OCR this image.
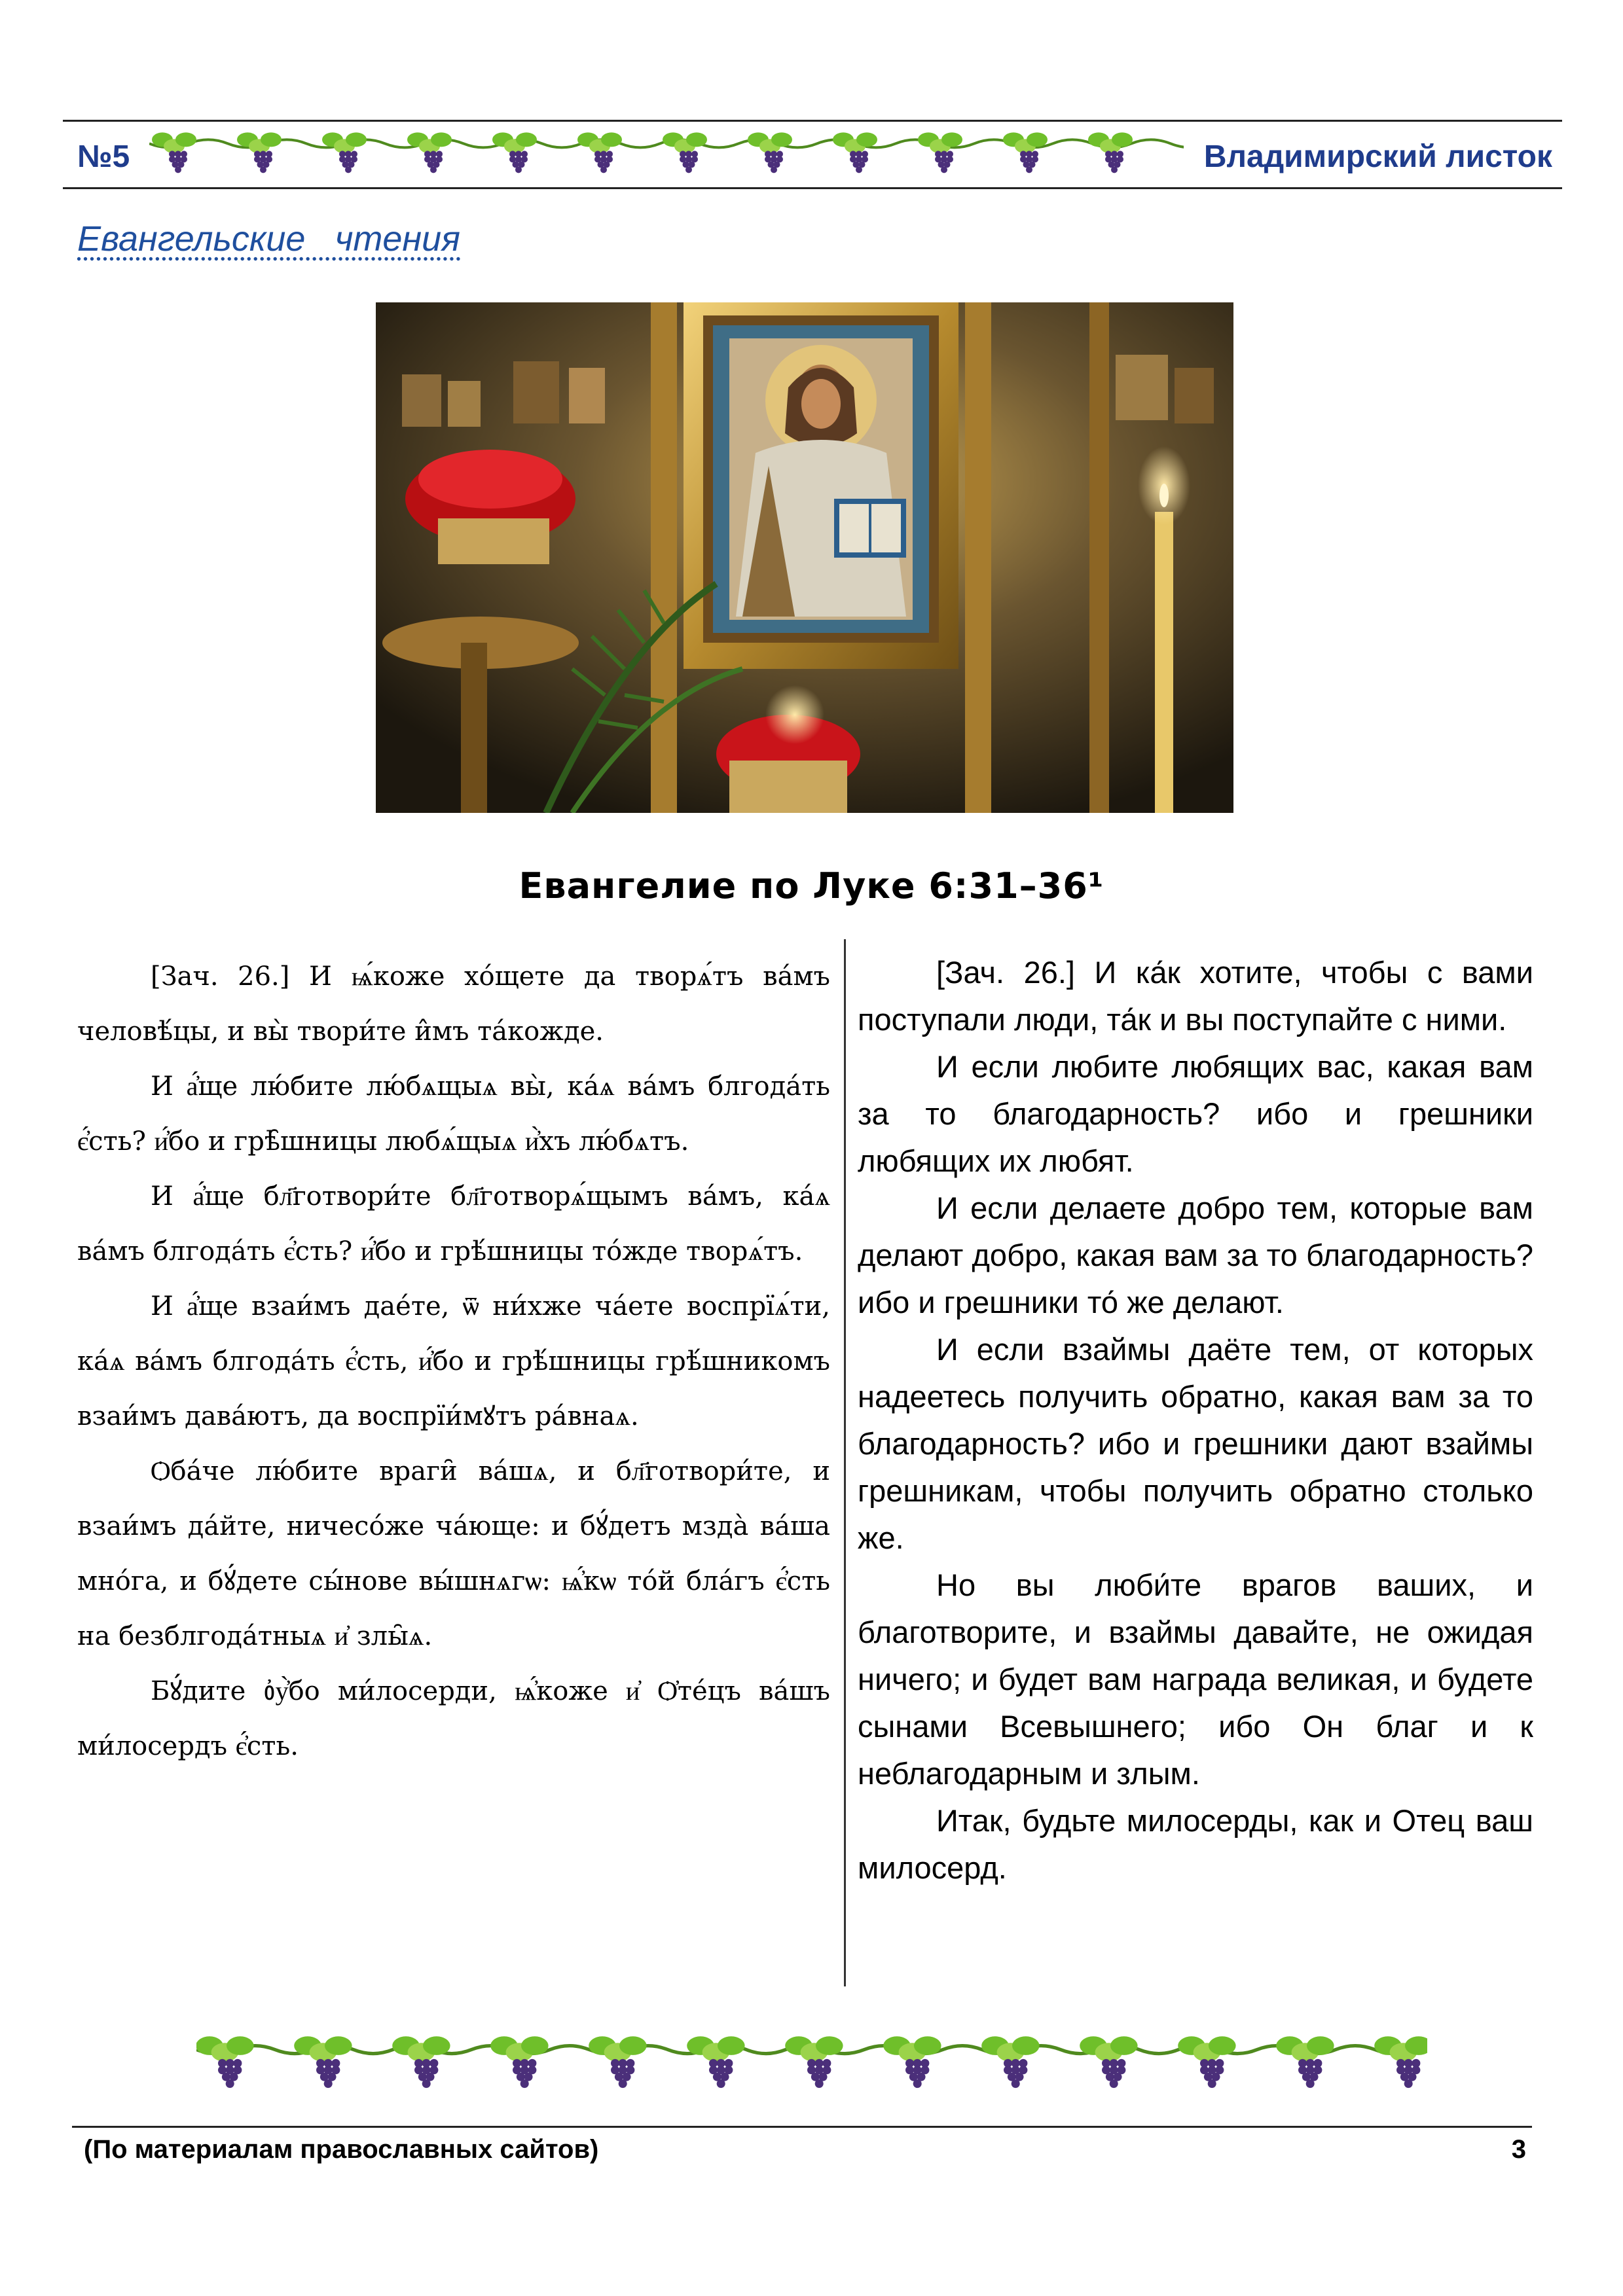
№5	Владимирский листок
Евангельские чтения
Евангелие по Луке 6:31–36¹

[Зач. 26.] И ѩ́коже хо́щете да творѧ́тъ ва́мъ человѣ́цы, и вы̀ твори́те и̂мъ та́кожде.

И а҆́ще лю́бите лю́бѧщыѧ вы̀, ка́ѧ ва́мъ блгода́ть є҆́сть? и҆́бо и грѣ̑шницы любѧ́щыѧ и҆̀хъ лю́бѧтъ.

И а҆́ще бл҃готвори́те бл҃готворѧ́щымъ ва́мъ, ка́ѧ ва́мъ блгода́ть є҆́сть? и҆́бо и грѣ́шницы то́жде творѧ́тъ.

И а҆́ще взаи́мъ дае́те, ѿ ни́хже ча́ете воспрїѧ́ти, ка́ѧ ва́мъ блгода́ть є҆́сть, и҆́бо и грѣ́шницы грѣ́шникомъ взаи́мъ дава́ютъ, да воспрїи́мꙋтъ ра́внаѧ.

Ѻба́че лю́бите враги̑ ва́шѧ, и бл҃готвори́те, и взаи́мъ да́йте, ничесо́же ча́юще: и бꙋ́детъ мзда̀ ва́ша мно́га, и бꙋ́дете сы́нове вы́шнѧгѡ: ѩ҆́кѡ то́й бла́гъ є҆́сть на безблгода́тныѧ и҆ злы̑ѧ.

Бꙋ́дите ᲂ҆у҆̀бо ми́лосерди, ѩ҆́коже и҆ Ѻ҆те́цъ ва́шъ ми́лосердъ є҆́сть.

[Зач. 26.] И ка́к хотите, чтобы с вами поступали люди, та́к и вы поступайте с ними.

И если любите любящих вас, какая вам за то благодарность? ибо и грешники любящих их любят.

И если делаете добро тем, которые вам делают добро, какая вам за то благодарность? ибо и грешники то́ же делают.

И если взаймы даёте тем, от которых надеетесь получить обратно, какая вам за то благодарность? ибо и грешники дают взаймы грешникам, чтобы получить обратно столько же.

Но вы люби́те врагов ваших, и благотворите, и взаймы давайте, не ожидая ничего; и будет вам награда великая, и будете сынами Всевышнего; ибо Он благ и к неблагодарным и злым.

Итак, будьте милосерды, как и Отец ваш милосерд.

(По материалам православных сайтов)	3
